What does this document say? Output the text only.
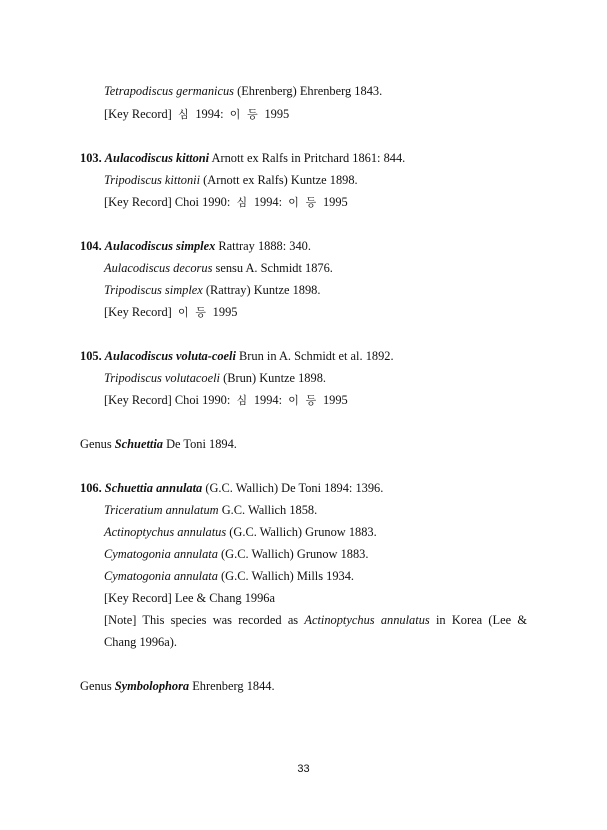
Tetrapodiscus germanicus (Ehrenberg) Ehrenberg 1843.
[Key Record] 심 1994: 이 등 1995
103. Aulacodiscus kittoni Arnott ex Ralfs in Pritchard 1861: 844.
Tripodiscus kittonii (Arnott ex Ralfs) Kuntze 1898.
[Key Record] Choi 1990: 심 1994: 이 등 1995
104. Aulacodiscus simplex Rattray 1888: 340.
Aulacodiscus decorus sensu A. Schmidt 1876.
Tripodiscus simplex (Rattray) Kuntze 1898.
[Key Record] 이 등 1995
105. Aulacodiscus voluta-coeli Brun in A. Schmidt et al. 1892.
Tripodiscus volutacoeli (Brun) Kuntze 1898.
[Key Record] Choi 1990: 심 1994: 이 등 1995
Genus Schuettia De Toni 1894.
106. Schuettia annulata (G.C. Wallich) De Toni 1894: 1396.
Triceratium annulatum G.C. Wallich 1858.
Actinoptychus annulatus (G.C. Wallich) Grunow 1883.
Cymatogonia annulata (G.C. Wallich) Grunow 1883.
Cymatogonia annulata (G.C. Wallich) Mills 1934.
[Key Record] Lee & Chang 1996a
[Note] This species was recorded as Actinoptychus annulatus in Korea (Lee &
Chang 1996a).
Genus Symbolophora Ehrenberg 1844.
33
